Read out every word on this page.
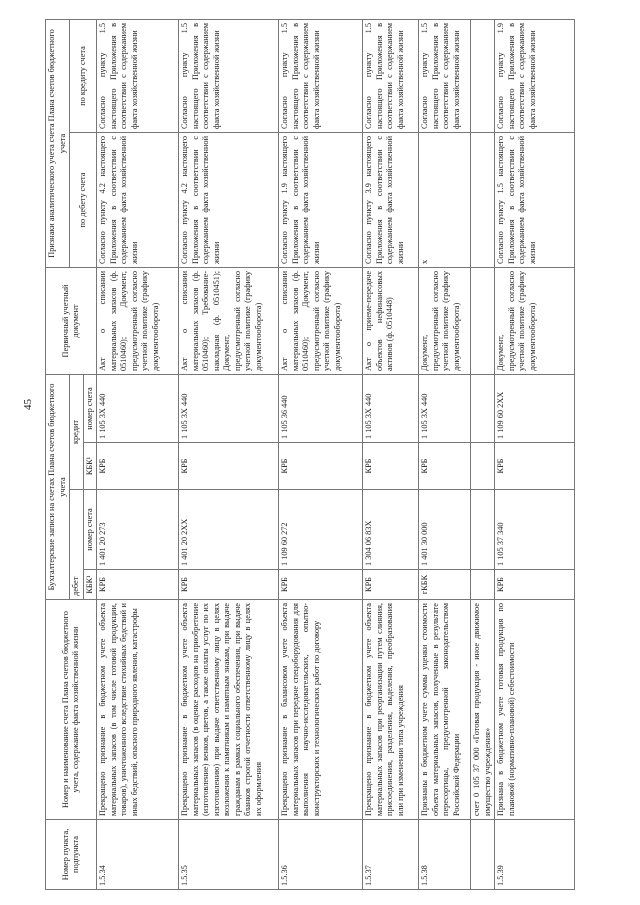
45
Номер пункта, подпункта	Номер и наименование счета Плана счетов бюджетного учета, содержание факта хозяйственной жизни	Бухгалтерские записи на счетах Плана счетов бюджетного учета				Первичный учетный документ	Признаки аналитического учета счета Плана счетов бюджетного учета	
		дебет		кредит			по дебету счета	по кредиту счета
		КБК¹	номер счета	КБК¹	номер счета			
1.5.34	Прекращено признание в бюджетном учете объекта материальных запасов (в том числе готовой продукции, товаров), уничтоженного вследствие стихийных бедствий и иных бедствий, опасного природного явления, катастрофы	КРБ	1 401 20 273	КРБ	1 105 3Х 440	Акт о списании материальных запасов (ф. 0510460); Документ, предусмотренный согласно учетной политике (графику документооборота)	Согласно пункту 4.2 настоящего Приложения в соответствии с содержанием факта хозяйственной жизни	Согласно пункту 1.5 настоящего Приложения в соответствии с содержанием факта хозяйственной жизни
1.5.35	Прекращено признание в бюджетном учете объекта материальных запасов (в оценке расходов на приобретение (изготовление) венков, цветов, а также оплаты услуг по их изготовлению) при выдаче ответственному лицу в целях возложения к памятникам и памятным знакам, при выдаче гражданам в рамках социального обеспечения, при выдаче бланков строгой отчетности ответственному лицу в целях их оформления	КРБ	1 401 20 2ХХ	КРБ	1 105 3Х 440	Акт о списании материальных запасов (ф. 0510460); Требование-накладная (ф. 0510451); Документ, предусмотренный согласно учетной политике (графику документооборота)	Согласно пункту 4.2 настоящего Приложения в соответствии с содержанием факта хозяйственной жизни	Согласно пункту 1.5 настоящего Приложения в соответствии с содержанием факта хозяйственной жизни
1.5.36	Прекращено признание в балансовом учете объекта материальных запасов при передаче спецоборудования для выполнения научно-исследовательских, опытно-конструкторских и технологических работ по договору	КРБ	1 109 60 272	КРБ	1 105 36 440	Акт о списании материальных запасов (ф. 0510460); Документ, предусмотренный согласно учетной политике (графику документооборота)	Согласно пункту 1.9 настоящего Приложения в соответствии с содержанием факта хозяйственной жизни	Согласно пункту 1.5 настоящего Приложения в соответствии с содержанием факта хозяйственной жизни
1.5.37	Прекращено признание в бюджетном учете объекта материальных запасов при реорганизации путем слияния, присоединения, разделения, выделения, преобразования или при изменении типа учреждения	КРБ	1 304 06 83Х	КРБ	1 105 3Х 440	Акт о приеме-передаче объектов нефинансовых активов (ф. 0510448)	Согласно пункту 3.9 настоящего Приложения в соответствии с содержанием факта хозяйственной жизни	Согласно пункту 1.5 настоящего Приложения в соответствии с содержанием факта хозяйственной жизни
1.5.38	Признаны в бюджетном учете суммы уценки стоимости объекта материальных запасов, полученные в результате пересортицы, предусмотренной законодательством Российской Федерации	гКБК	1 401 30 000	КРБ	1 105 3Х 440	Документ, предусмотренный согласно учетной политике (графику документооборота)	х	Согласно пункту 1.5 настоящего Приложения в соответствии с содержанием факта хозяйственной жизни
	счет 0 105 37 000 «Готовая продукция - иное движимое имущество учреждения»							
1.5.39	Признана в бюджетном учете готовая продукция по плановой (нормативно-плановой) себестоимости	КРБ	1 105 37 340	КРБ	1 109 60 2ХХ	Документ, предусмотренный согласно учетной политике (графику документооборота)	Согласно пункту 1.5 настоящего Приложения в соответствии с содержанием факта хозяйственной жизни	Согласно пункту 1.9 настоящего Приложения в соответствии с содержанием факта хозяйственной жизни
